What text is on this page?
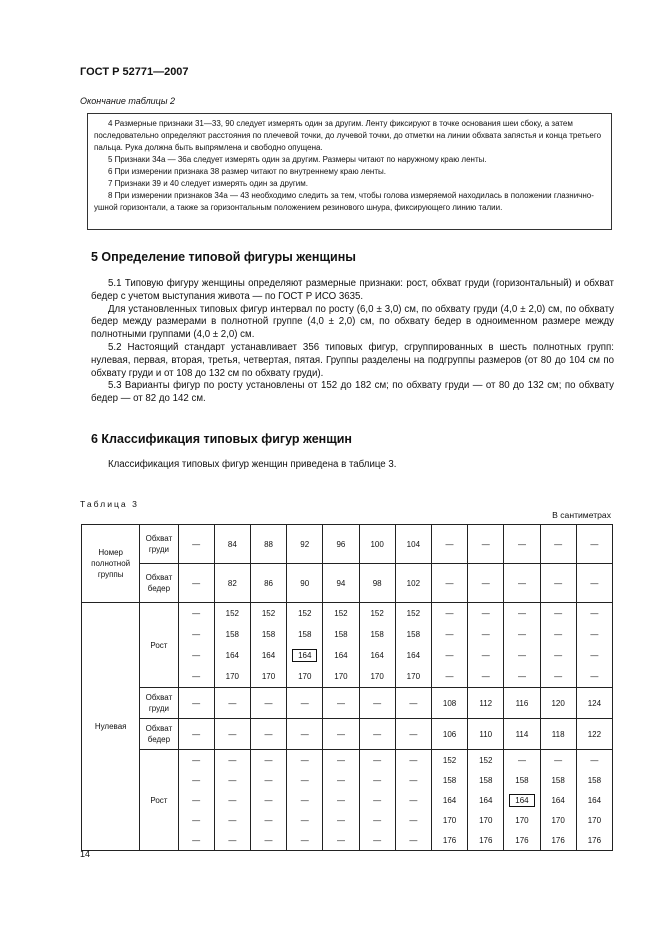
ГОСТ Р 52771—2007
Окончание таблицы 2

4 Размерные признаки 31—33, 90 следует измерять один за другим. Ленту фиксируют в точке основания шеи сбоку, а затем последовательно определяют расстояния по плечевой точки, до лучевой точки, до отметки на линии обхвата запястья и конца третьего пальца. Рука должна быть выпрямлена и свободно опущена.

5 Признаки 34а — 36а следует измерять один за другим. Размеры читают по наружному краю ленты.

6 При измерении признака 38 размер читают по внутреннему краю ленты.

7 Признаки 39 и 40 следует измерять один за другим.

8 При измерении признаков 34а — 43 необходимо следить за тем, чтобы голова измеряемой находилась в положении глазнично-ушной горизонтали, а также за горизонтальным положением резинового шнура, фиксирующего линию талии.

5 Определение типовой фигуры женщины

5.1 Типовую фигуру женщины определяют размерные признаки: рост, обхват груди (горизонтальный) и обхват бедер с учетом выступания живота — по ГОСТ Р ИСО 3635.

Для установленных типовых фигур интервал по росту (6,0 ± 3,0) см, по обхвату груди (4,0 ± 2,0) см, по обхвату бедер между размерами в полнотной группе (4,0 ± 2,0) см, по обхвату бедер в одноименном размере между полнотными группами (4,0 ± 2,0) см.

5.2 Настоящий стандарт устанавливает 356 типовых фигур, сгруппированных в шесть полнотных групп: нулевая, первая, вторая, третья, четвертая, пятая. Группы разделены на подгруппы размеров (от 80 до 104 см по обхвату груди и от 108 до 132 см по обхвату груди).

5.3 Варианты фигур по росту установлены от 152 до 182 см; по обхвату груди — от 80 до 132 см; по обхвату бедер — от 82 до 142 см.

6 Классификация типовых фигур женщин

Классификация типовых фигур женщин приведена в таблице 3.

Таблица 3
В сантиметрах
Номер полнотной группы	Обхват груди	—	84	88	92	96	100	104	—	—	—	—	—
	Обхват бедер	—	82	86	90	94	98	102	—	—	—	—	—
Нулевая	Рост	—	152	152	152	152	152	152	—	—	—	—	—
		—	158	158	158	158	158	158	—	—	—	—	—
		—	164	164	164	164	164	164	—	—	—	—	—
		—	170	170	170	170	170	170	—	—	—	—	—
	Обхват груди	—	—	—	—	—	—	—	108	112	116	120	124
	Обхват бедер	—	—	—	—	—	—	—	106	110	114	118	122
	Рост	—	—	—	—	—	—	—	152	152	—	—	—
		—	—	—	—	—	—	—	158	158	158	158	158
		—	—	—	—	—	—	—	164	164	164	164	164
		—	—	—	—	—	—	—	170	170	170	170	170
		—	—	—	—	—	—	—	176	176	176	176	176
14
